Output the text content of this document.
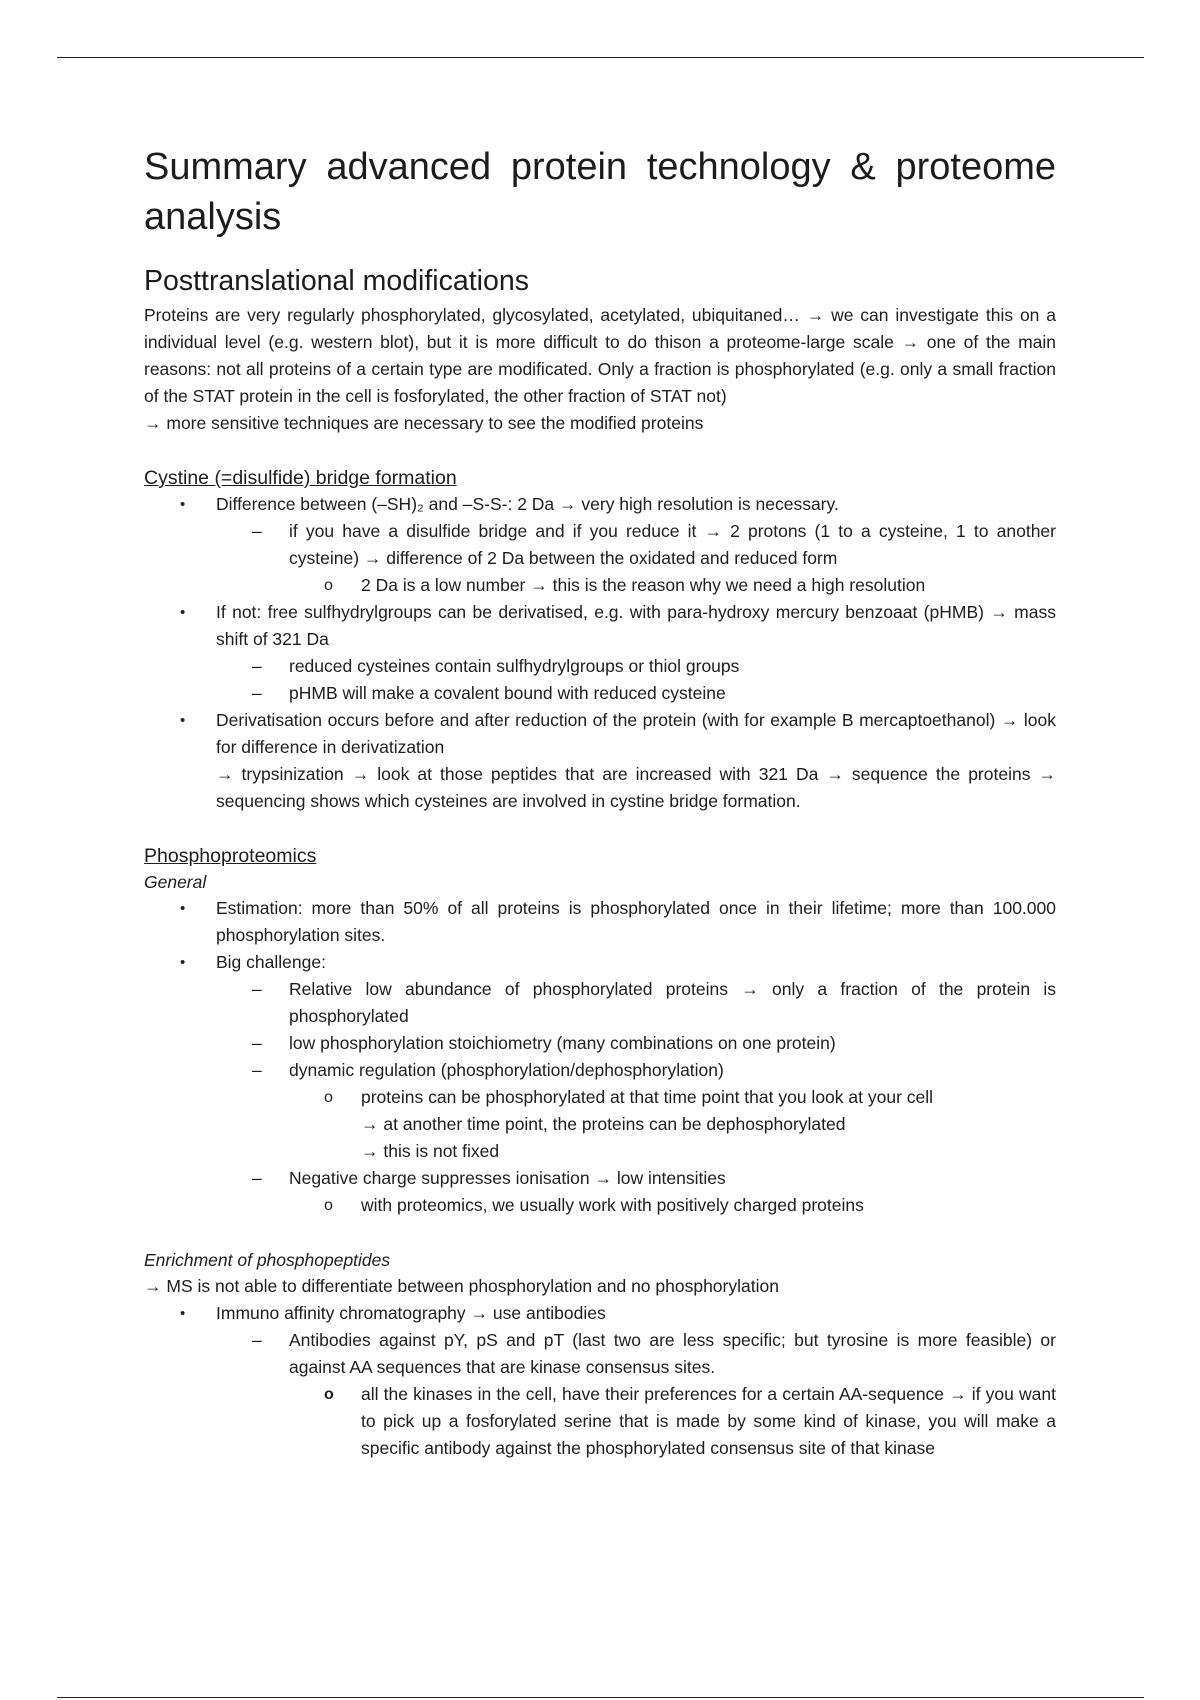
Summary advanced protein technology & proteome analysis
Posttranslational modifications

Proteins are very regularly phosphorylated, glycosylated, acetylated, ubiquitaned… → we can investigate this on a individual level (e.g. western blot), but it is more difficult to do thison a proteome-large scale → one of the main reasons: not all proteins of a certain type are modificated. Only a fraction is phosphorylated (e.g. only a small fraction of the STAT protein in the cell is fosforylated, the other fraction of STAT not)

→ more sensitive techniques are necessary to see the modified proteins

Cystine (=disulfide) bridge formation

• Difference between (–SH)₂ and –S-S-: 2 Da → very high resolution is necessary.
– if you have a disulfide bridge and if you reduce it → 2 protons (1 to a cysteine, 1 to another cysteine) → difference of 2 Da between the oxidated and reduced form
o 2 Da is a low number → this is the reason why we need a high resolution
• If not: free sulfhydrylgroups can be derivatised, e.g. with para-hydroxy mercury benzoaat (pHMB) → mass shift of 321 Da
– reduced cysteines contain sulfhydrylgroups or thiol groups
– pHMB will make a covalent bound with reduced cysteine
• Derivatisation occurs before and after reduction of the protein (with for example B mercaptoethanol) → look for difference in derivatization
→ trypsinization → look at those peptides that are increased with 321 Da → sequence the proteins → sequencing shows which cysteines are involved in cystine bridge formation.

Phosphoproteomics

General

• Estimation: more than 50% of all proteins is phosphorylated once in their lifetime; more than 100.000 phosphorylation sites.
• Big challenge:
– Relative low abundance of phosphorylated proteins → only a fraction of the protein is phosphorylated
– low phosphorylation stoichiometry (many combinations on one protein)
– dynamic regulation (phosphorylation/dephosphorylation)
o proteins can be phosphorylated at that time point that you look at your cell
→ at another time point, the proteins can be dephosphorylated
→ this is not fixed
– Negative charge suppresses ionisation → low intensities
o with proteomics, we usually work with positively charged proteins

Enrichment of phosphopeptides

→ MS is not able to differentiate between phosphorylation and no phosphorylation

• Immuno affinity chromatography → use antibodies
– Antibodies against pY, pS and pT (last two are less specific; but tyrosine is more feasible) or against AA sequences that are kinase consensus sites.
o all the kinases in the cell, have their preferences for a certain AA-sequence → if you want to pick up a fosforylated serine that is made by some kind of kinase, you will make a specific antibody against the phosphorylated consensus site of that kinase
